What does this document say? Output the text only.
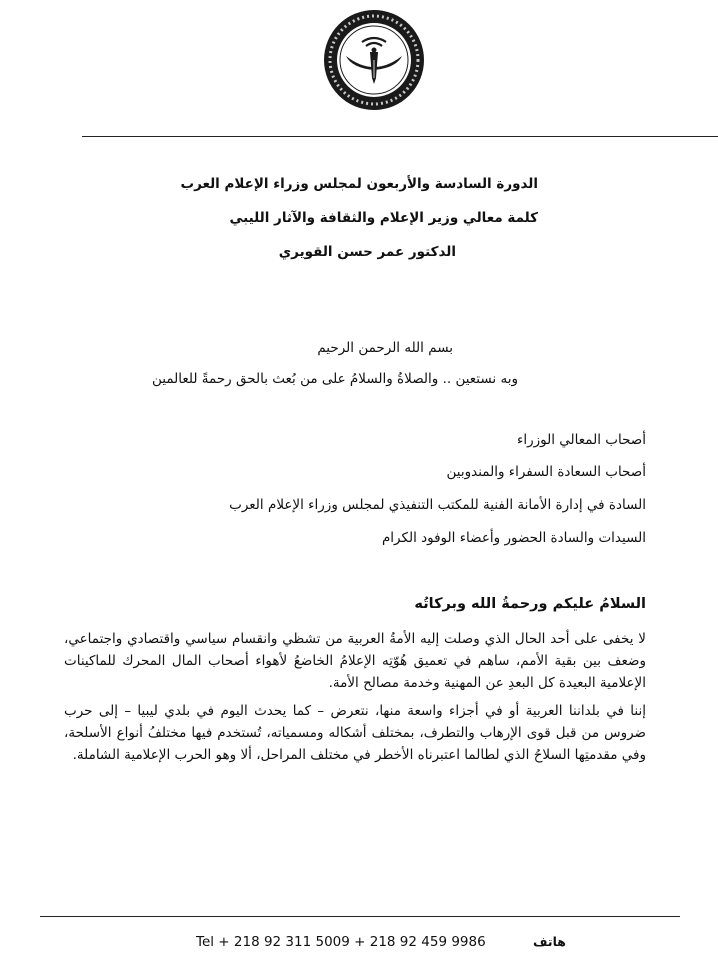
الدورة السادسة والأربعون لمجلس وزراء الإعلام العرب
كلمة معالي وزير الإعلام والثقافة والآثار الليبي
الدكتور عمر حسن القويري
بسم الله الرحمن الرحيم
وبه نستعين .. والصلاةُ والسلامُ على من بُعث بالحق رحمةً للعالمين
أصحاب المعالي الوزراء
أصحاب السعادة السفراء والمندوبين
السادة في إدارة الأمانة الفنية للمكتب التنفيذي لمجلس وزراء الإعلام العرب
السيدات والسادة الحضور وأعضاء الوفود الكرام
السلامُ عليكم ورحمةُ الله وبركاتُه
لا يخفى على أحد الحال الذي وصلت إليه الأمةُ العربية من تشظي وانقسام سياسي واقتصادي واجتماعي، وضعف بين بقية الأمم، ساهم في تعميق هُوّتِه الإعلامُ الخاضعُ لأهواء أصحاب المال المحرك للماكينات الإعلامية البعيدة كل البعدِ عن المهنية وخدمة مصالح الأمة.
إننا في بلداننا العربية أو في أجزاء واسعة منها، نتعرض – كما يحدث اليوم في بلدي ليبيا – إلى حرب ضروس من قبل قوى الإرهاب والتطرف، بمختلف أشكاله ومسمياته، تُستخدم فيها مختلفُ أنواع الأسلحة، وفي مقدمتِها السلاحُ الذي لطالما اعتبرناه الأخطر في مختلف المراحل، ألا وهو الحرب الإعلامية الشاملة.
Tel + 218 92 311 5009 + 218 92 459 9986	هاتف
